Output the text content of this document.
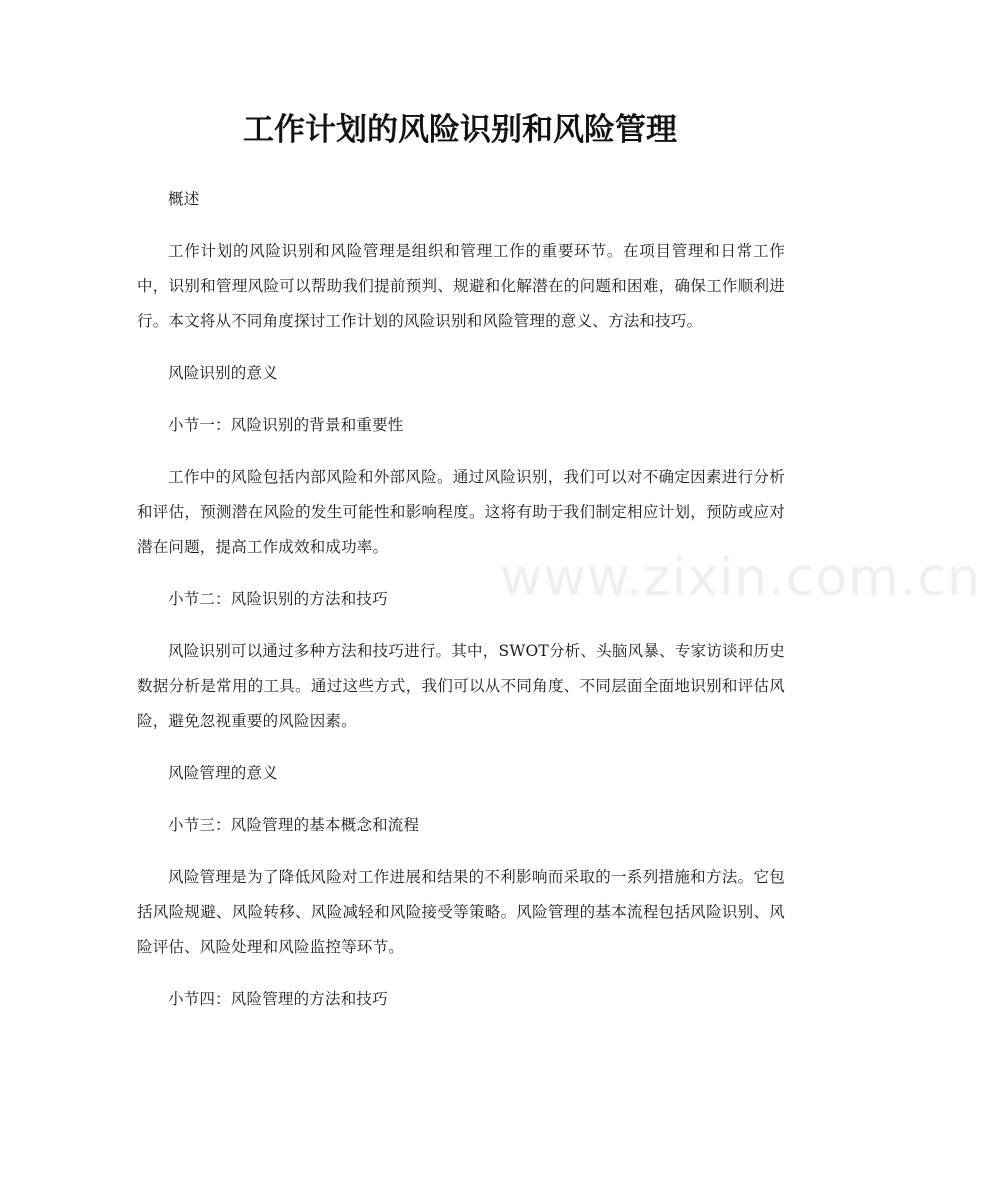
工作计划的风险识别和风险管理
www.zixin.com.cn

概述

工作计划的风险识别和风险管理是组织和管理工作的重要环节。在项目管理和日常工作中，识别和管理风险可以帮助我们提前预判、规避和化解潜在的问题和困难，确保工作顺利进行。本文将从不同角度探讨工作计划的风险识别和风险管理的意义、方法和技巧。

风险识别的意义

小节一：风险识别的背景和重要性

工作中的风险包括内部风险和外部风险。通过风险识别，我们可以对不确定因素进行分析和评估，预测潜在风险的发生可能性和影响程度。这将有助于我们制定相应计划，预防或应对潜在问题，提高工作成效和成功率。

小节二：风险识别的方法和技巧

风险识别可以通过多种方法和技巧进行。其中，SWOT分析、头脑风暴、专家访谈和历史数据分析是常用的工具。通过这些方式，我们可以从不同角度、不同层面全面地识别和评估风险，避免忽视重要的风险因素。

风险管理的意义

小节三：风险管理的基本概念和流程

风险管理是为了降低风险对工作进展和结果的不利影响而采取的一系列措施和方法。它包括风险规避、风险转移、风险减轻和风险接受等策略。风险管理的基本流程包括风险识别、风险评估、风险处理和风险监控等环节。

小节四：风险管理的方法和技巧
